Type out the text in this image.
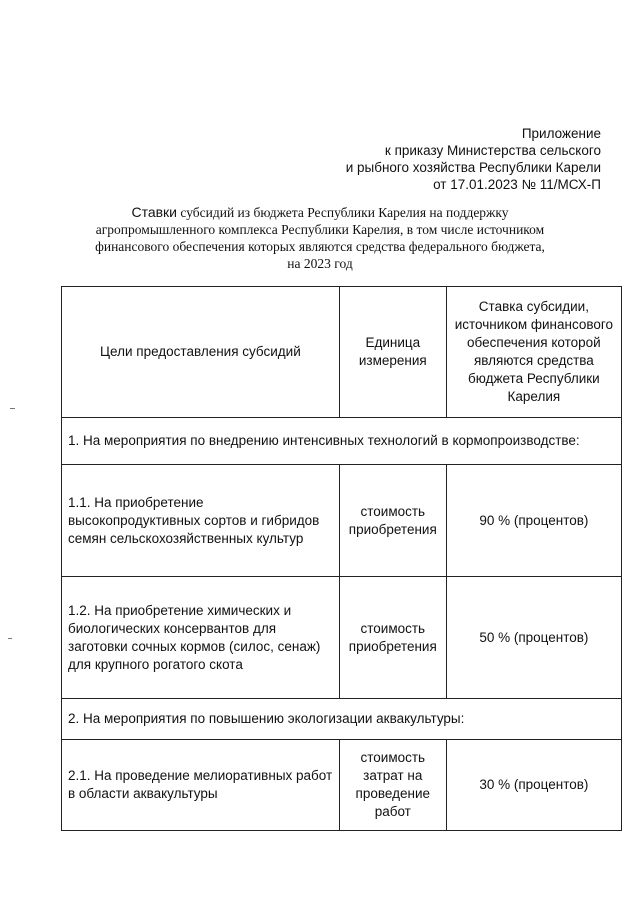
Приложение
к приказу Министерства сельского
и рыбного хозяйства Республики Карели
от 17.01.2023 № 11/МСХ-П
Ставки субсидий из бюджета Республики Карелия на поддержку
агропромышленного комплекса Республики Карелия, в том числе источником
финансового обеспечения которых являются средства федерального бюджета,
на 2023 год
Цели предоставления субсидий	Единица измерения	Ставка субсидии, источником финансового обеспечения которой являются средства бюджета Республики Карелия
1. На мероприятия по внедрению интенсивных технологий в кормопроизводстве:		
1.1. На приобретение высокопродуктивных сортов и гибридов семян сельскохозяйственных культур	стоимость приобретения	90 % (процентов)
1.2. На приобретение химических и биологических консервантов для заготовки сочных кормов (силос, сенаж) для крупного рогатого скота	стоимость приобретения	50 % (процентов)
2. На мероприятия по повышению экологизации аквакультуры:		
2.1. На проведение мелиоративных работ в области аквакультуры	стоимость затрат на проведение работ	30 % (процентов)
